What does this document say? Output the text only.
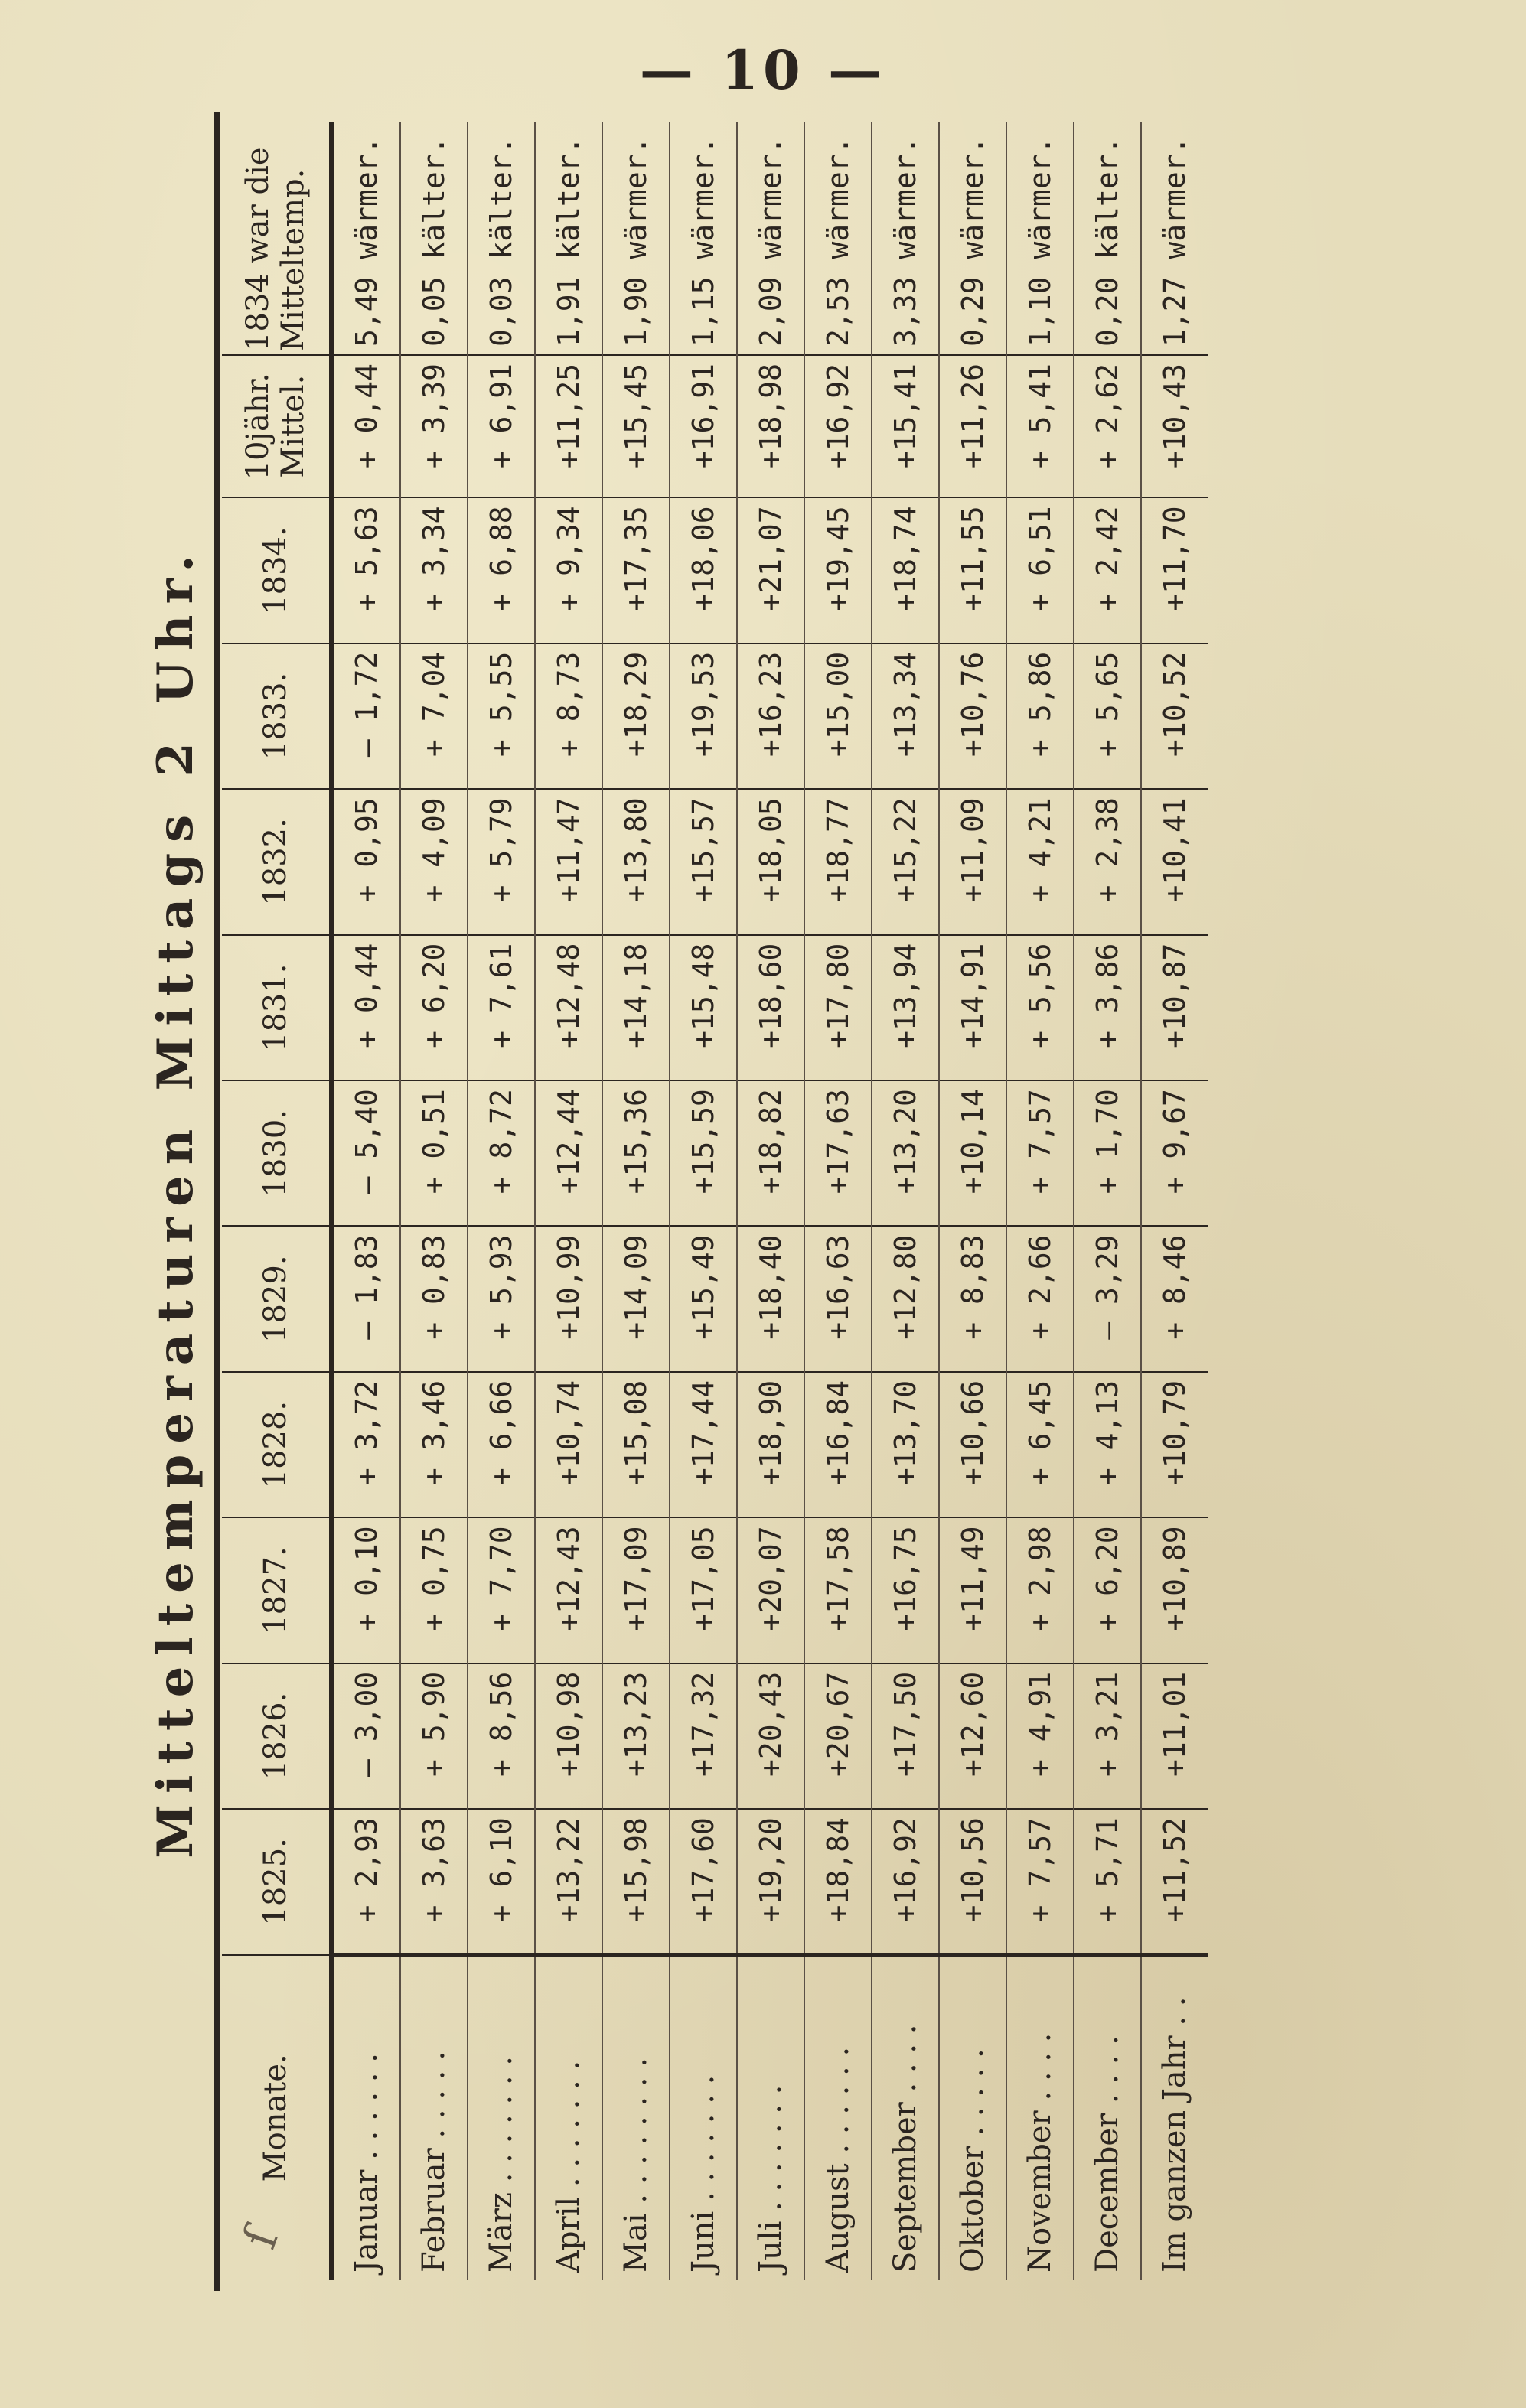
— 10 —
Mitteltemperaturen Mittags 2 Uhr.
Monate.	1825.	1826.	1827.	1828.	1829.	1830.	1831.	1832.	1833.	1834.	10jähr. Mittel.	1834 war die Mitteltemp.
Januar . . . . . .	+ 2,93	— 3,00	+ 0,10	+ 3,72	— 1,83	— 5,40	+ 0,44	+ 0,95	— 1,72	+ 5,63	+ 0,44	5,49 wärmer.
Februar . . . . .	+ 3,63	+ 5,90	+ 0,75	+ 3,46	+ 0,83	+ 0,51	+ 6,20	+ 4,09	+ 7,04	+ 3,34	+ 3,39	0,05 kälter.
März . . . . . . .	+ 6,10	+ 8,56	+ 7,70	+ 6,66	+ 5,93	+ 8,72	+ 7,61	+ 5,79	+ 5,55	+ 6,88	+ 6,91	0,03 kälter.
April . . . . . . .	+13,22	+10,98	+12,43	+10,74	+10,99	+12,44	+12,48	+11,47	+ 8,73	+ 9,34	+11,25	1,91 kälter.
Mai . . . . . . . .	+15,98	+13,23	+17,09	+15,08	+14,09	+15,36	+14,18	+13,80	+18,29	+17,35	+15,45	1,90 wärmer.
Juni . . . . . . .	+17,60	+17,32	+17,05	+17,44	+15,49	+15,59	+15,48	+15,57	+19,53	+18,06	+16,91	1,15 wärmer.
Juli . . . . . . .	+19,20	+20,43	+20,07	+18,90	+18,40	+18,82	+18,60	+18,05	+16,23	+21,07	+18,98	2,09 wärmer.
August . . . . . .	+18,84	+20,67	+17,58	+16,84	+16,63	+17,63	+17,80	+18,77	+15,00	+19,45	+16,92	2,53 wärmer.
September . . . .	+16,92	+17,50	+16,75	+13,70	+12,80	+13,20	+13,94	+15,22	+13,34	+18,74	+15,41	3,33 wärmer.
Oktober . . . . .	+10,56	+12,60	+11,49	+10,66	+ 8,83	+10,14	+14,91	+11,09	+10,76	+11,55	+11,26	0,29 wärmer.
November . . . .	+ 7,57	+ 4,91	+ 2,98	+ 6,45	+ 2,66	+ 7,57	+ 5,56	+ 4,21	+ 5,86	+ 6,51	+ 5,41	1,10 wärmer.
December . . . .	+ 5,71	+ 3,21	+ 6,20	+ 4,13	— 3,29	+ 1,70	+ 3,86	+ 2,38	+ 5,65	+ 2,42	+ 2,62	0,20 kälter.
Im ganzen Jahr . .	+11,52	+11,01	+10,89	+10,79	+ 8,46	+ 9,67	+10,87	+10,41	+10,52	+11,70	+10,43	1,27 wärmer.
ſ
